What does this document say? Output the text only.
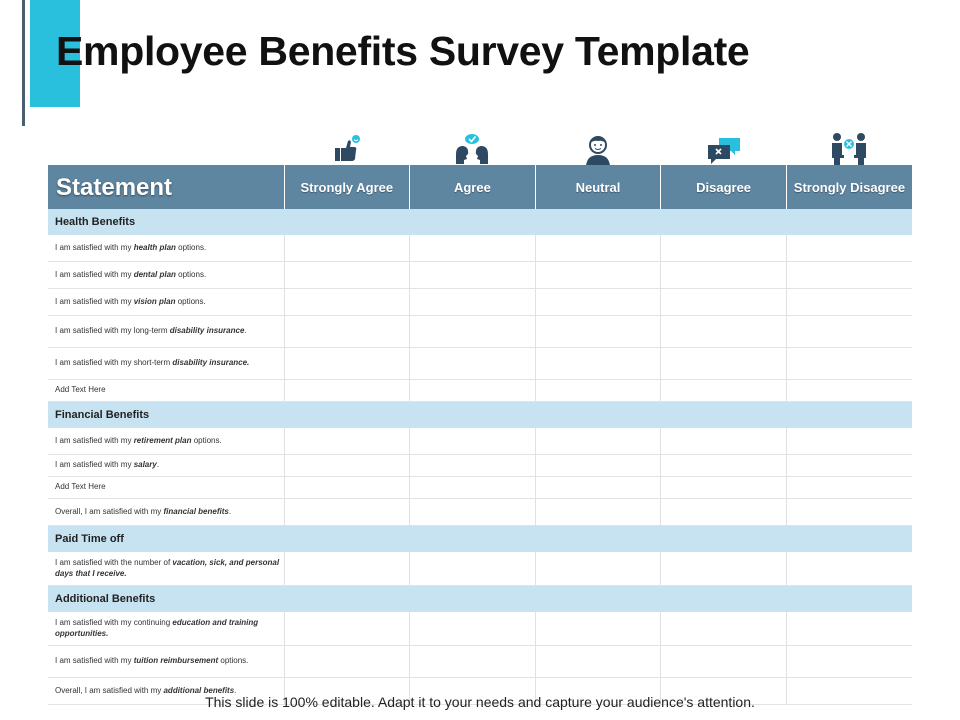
Employee Benefits Survey Template
Statement	Strongly Agree	Agree	Neutral	Disagree	Strongly Disagree
Health Benefits					
I am satisfied with my health plan options.					
I am satisfied with my dental plan options.					
I am satisfied with my vision plan options.					
I am satisfied with my long-term disability insurance.					
I am satisfied with my short-term disability insurance.					
Add Text Here					
Financial Benefits					
I am satisfied with my retirement plan options.					
I am satisfied with my salary.					
Add Text Here					
Overall, I am satisfied with my financial benefits.					
Paid Time off					
I am satisfied with the number of vacation, sick, and personal days that I receive.					
Additional Benefits					
I am satisfied with my continuing education and training opportunities.					
I am satisfied with my tuition reimbursement options.					
Overall, I am satisfied with my additional benefits.					
This slide is 100% editable. Adapt it to your needs and capture your audience's attention.
